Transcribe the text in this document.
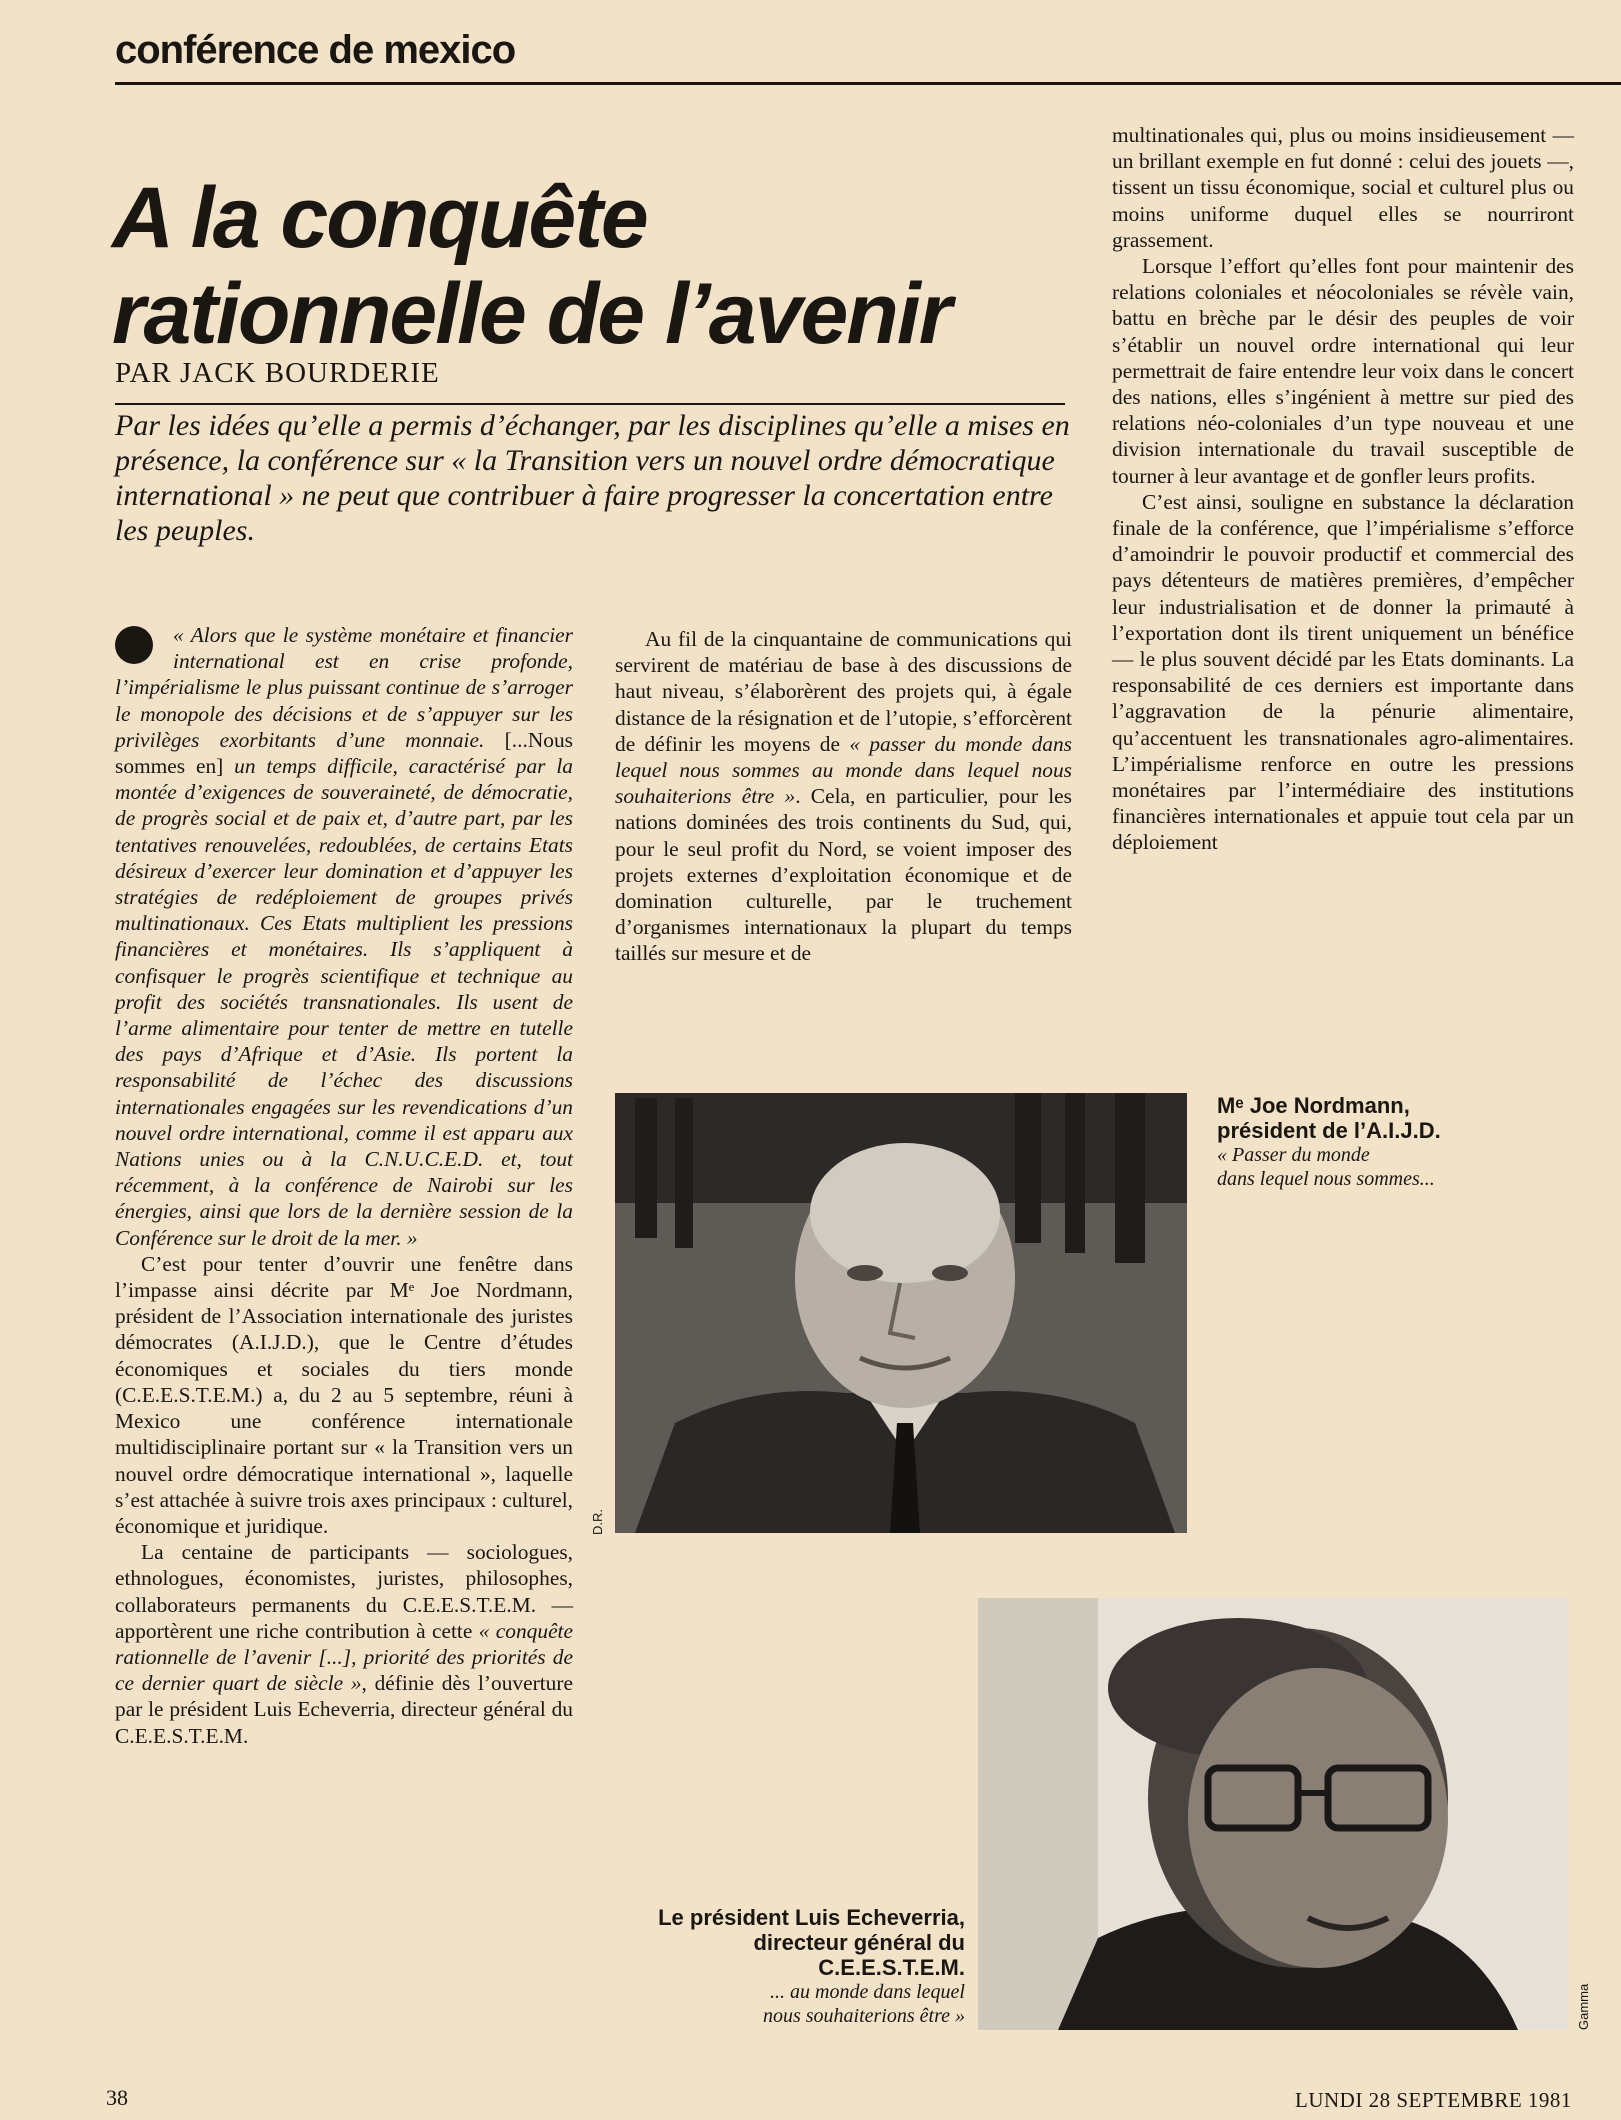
conférence de mexico
A la conquête
rationnelle de l’avenir
PAR JACK BOURDERIE
Par les idées qu’elle a permis d’échanger, par les disciplines qu’elle a mises en présence, la conférence sur « la Transition vers un nouvel ordre démocratique international » ne peut que contribuer à faire progresser la concertation entre les peuples.

« Alors que le système monétaire et financier international est en crise profonde, l’impérialisme le plus puissant continue de s’arroger le monopole des décisions et de s’appuyer sur les privilèges exorbitants d’une monnaie. [...Nous sommes en] un temps difficile, caractérisé par la montée d’exigences de souveraineté, de démocratie, de progrès social et de paix et, d’autre part, par les tentatives renouvelées, redoublées, de certains Etats désireux d’exercer leur domination et d’appuyer les stratégies de redéploiement de groupes privés multinationaux. Ces Etats multiplient les pressions financières et monétaires. Ils s’appliquent à confisquer le progrès scientifique et technique au profit des sociétés transnationales. Ils usent de l’arme alimentaire pour tenter de mettre en tutelle des pays d’Afrique et d’Asie. Ils portent la responsabilité de l’échec des discussions internationales engagées sur les revendications d’un nouvel ordre international, comme il est apparu aux Nations unies ou à la C.N.U.C.E.D. et, tout récemment, à la conférence de Nairobi sur les énergies, ainsi que lors de la dernière session de la Conférence sur le droit de la mer. »

C’est pour tenter d’ouvrir une fenêtre dans l’impasse ainsi décrite par Mᵉ Joe Nordmann, président de l’Association internationale des juristes démocrates (A.I.J.D.), que le Centre d’études économiques et sociales du tiers monde (C.E.E.S.T.E.M.) a, du 2 au 5 septembre, réuni à Mexico une conférence internationale multidisciplinaire portant sur « la Transition vers un nouvel ordre démocratique international », laquelle s’est attachée à suivre trois axes principaux : culturel, économique et juridique.

La centaine de participants — sociologues, ethnologues, économistes, juristes, philosophes, collaborateurs permanents du C.E.E.S.T.E.M. — apportèrent une riche contribution à cette « conquête rationnelle de l’avenir [...], priorité des priorités de ce dernier quart de siècle », définie dès l’ouverture par le président Luis Echeverria, directeur général du C.E.E.S.T.E.M.

Au fil de la cinquantaine de communications qui servirent de matériau de base à des discussions de haut niveau, s’élaborèrent des projets qui, à égale distance de la résignation et de l’utopie, s’efforcèrent de définir les moyens de « passer du monde dans lequel nous sommes au monde dans lequel nous souhaiterions être ». Cela, en particulier, pour les nations dominées des trois continents du Sud, qui, pour le seul profit du Nord, se voient imposer des projets externes d’exploitation économique et de domination culturelle, par le truchement d’organismes internationaux la plupart du temps taillés sur mesure et de

multinationales qui, plus ou moins insidieusement — un brillant exemple en fut donné : celui des jouets —, tissent un tissu économique, social et culturel plus ou moins uniforme duquel elles se nourriront grassement.

Lorsque l’effort qu’elles font pour maintenir des relations coloniales et néocoloniales se révèle vain, battu en brèche par le désir des peuples de voir s’établir un nouvel ordre international qui leur permettrait de faire entendre leur voix dans le concert des nations, elles s’ingénient à mettre sur pied des relations néo-coloniales d’un type nouveau et une division internationale du travail susceptible de tourner à leur avantage et de gonfler leurs profits.

C’est ainsi, souligne en substance la déclaration finale de la conférence, que l’impérialisme s’efforce d’amoindrir le pouvoir productif et commercial des pays détenteurs de matières premières, d’empêcher leur industrialisation et de donner la primauté à l’exportation dont ils tirent uniquement un bénéfice — le plus souvent décidé par les Etats dominants. La responsabilité de ces derniers est importante dans l’aggravation de la pénurie alimentaire, qu’accentuent les transnationales agro-alimentaires. L’impérialisme renforce en outre les pressions monétaires par l’intermédiaire des institutions financières internationales et appuie tout cela par un déploiement

D.R.
Mᵉ Joe Nordmann,
président de l’A.I.J.D.
« Passer du monde
dans lequel nous sommes...
Gamma
Le président Luis Echeverria,
directeur général du
C.E.E.S.T.E.M.
... au monde dans lequel
nous souhaiterions être »
38	LUNDI 28 SEPTEMBRE 1981
